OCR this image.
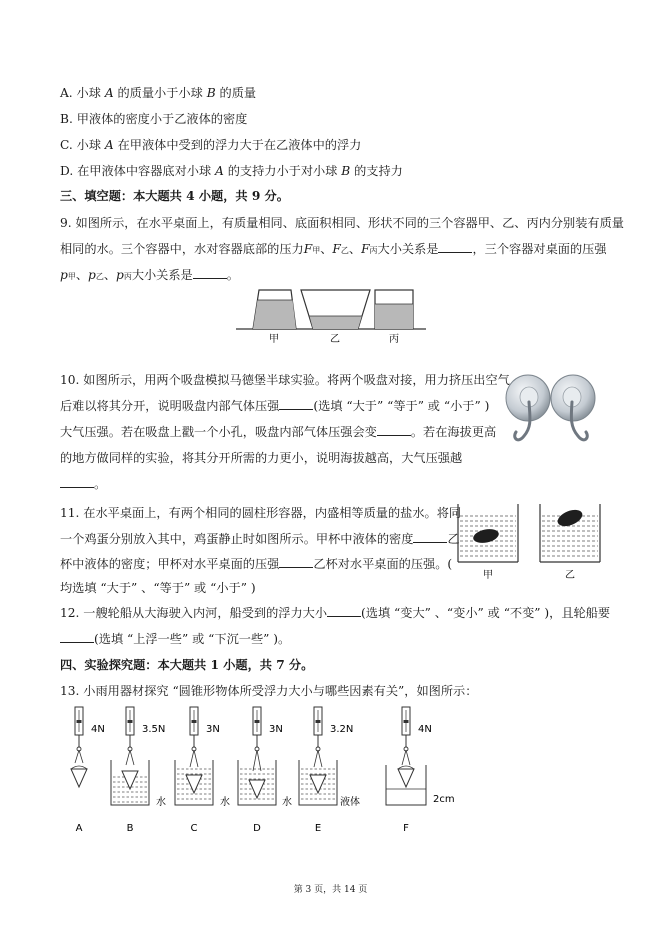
A. 小球 A 的质量小于小球 B 的质量
B. 甲液体的密度小于乙液体的密度
C. 小球 A 在甲液体中受到的浮力大于在乙液体中的浮力
D. 在甲液体中容器底对小球 A 的支持力小于对小球 B 的支持力
三、填空题：本大题共 4 小题，共 9 分。
9. 如图所示，在水平桌面上，有质量相同、底面积相同、形状不同的三个容器甲、乙、丙内分别装有质量
相同的水。三个容器中，水对容器底部的压力F甲、F乙、F丙大小关系是	，三个容器对桌面的压强
p甲、p乙、p丙大小关系是	。
甲	乙	丙
10. 如图所示，用两个吸盘模拟马德堡半球实验。将两个吸盘对接，用力挤压出空气
后难以将其分开，说明吸盘内部气体压强	(选填 “大于” “等于” 或 “小于” )
大气压强。若在吸盘上戳一个小孔，吸盘内部气体压强会变	。若在海拔更高
的地方做同样的实验，将其分开所需的力更小，说明海拔越高，大气压强越
。
11. 在水平桌面上，有两个相同的圆柱形容器，内盛相等质量的盐水。将同
一个鸡蛋分别放入其中，鸡蛋静止时如图所示。甲杯中液体的密度	乙
杯中液体的密度；甲杯对水平桌面的压强	乙杯对水平桌面的压强。(
均选填 “大于” 、“等于” 或 “小于” )
甲	乙
12. 一艘轮船从大海驶入内河，船受到的浮力大小	(选填 “变大” 、“变小” 或 “不变” )，且轮船要
(选填 “上浮一些” 或 “下沉一些” )。
四、实验探究题：本大题共 1 小题，共 7 分。
13. 小雨用器材探究 “圆锥形物体所受浮力大小与哪些因素有关”，如图所示：
4N	3.5N
水
3N
水
3N
水
3.2N
液体
4N
2cm
A	B	C	D	E	F
第 3 页，共 14 页
